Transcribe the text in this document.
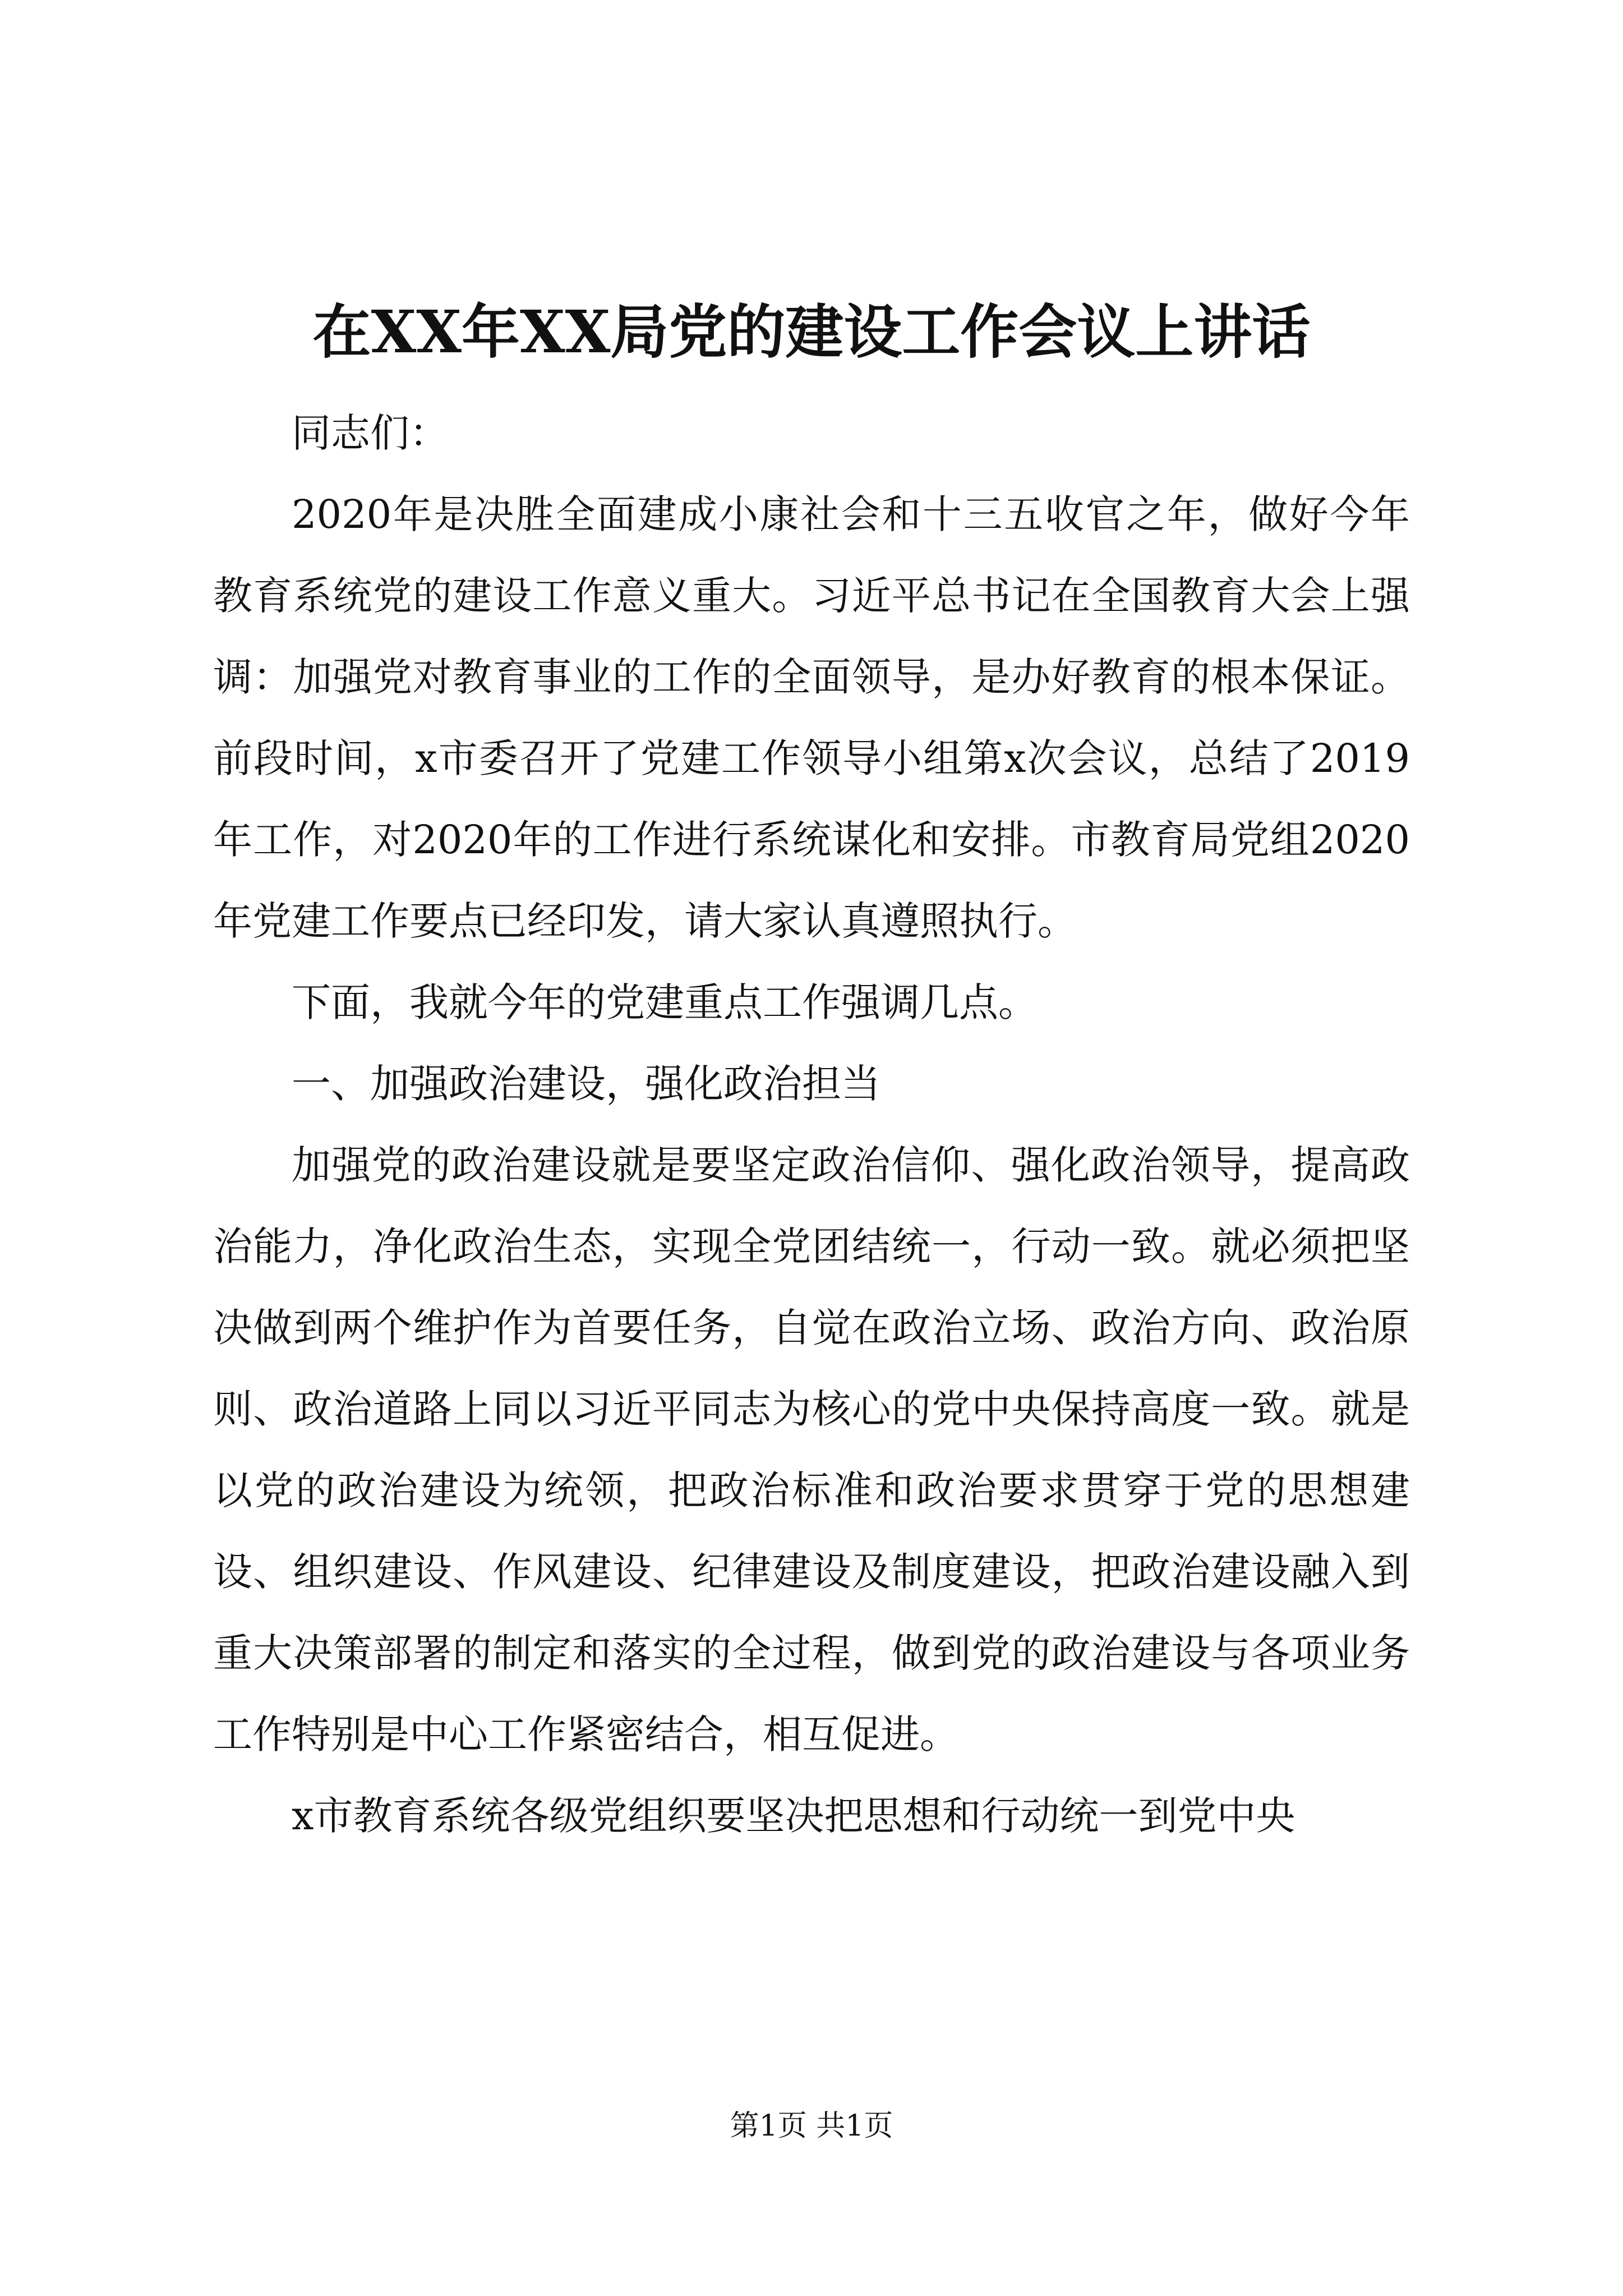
在XX年XX局党的建设工作会议上讲话

同志们：

2020年是决胜全面建成小康社会和十三五收官之年，做好今年教育系统党的建设工作意义重大。习近平总书记在全国教育大会上强调：加强党对教育事业的工作的全面领导，是办好教育的根本保证。前段时间，x市委召开了党建工作领导小组第x次会议，总结了2019年工作，对2020年的工作进行系统谋化和安排。市教育局党组2020年党建工作要点已经印发，请大家认真遵照执行。

下面，我就今年的党建重点工作强调几点。

一、加强政治建设，强化政治担当

加强党的政治建设就是要坚定政治信仰、强化政治领导，提高政治能力，净化政治生态，实现全党团结统一，行动一致。就必须把坚决做到两个维护作为首要任务，自觉在政治立场、政治方向、政治原则、政治道路上同以习近平同志为核心的党中央保持高度一致。就是以党的政治建设为统领，把政治标准和政治要求贯穿于党的思想建设、组织建设、作风建设、纪律建设及制度建设，把政治建设融入到重大决策部署的制定和落实的全过程，做到党的政治建设与各项业务工作特别是中心工作紧密结合，相互促进。

x市教育系统各级党组织要坚决把思想和行动统一到党中央

第1页 共1页
